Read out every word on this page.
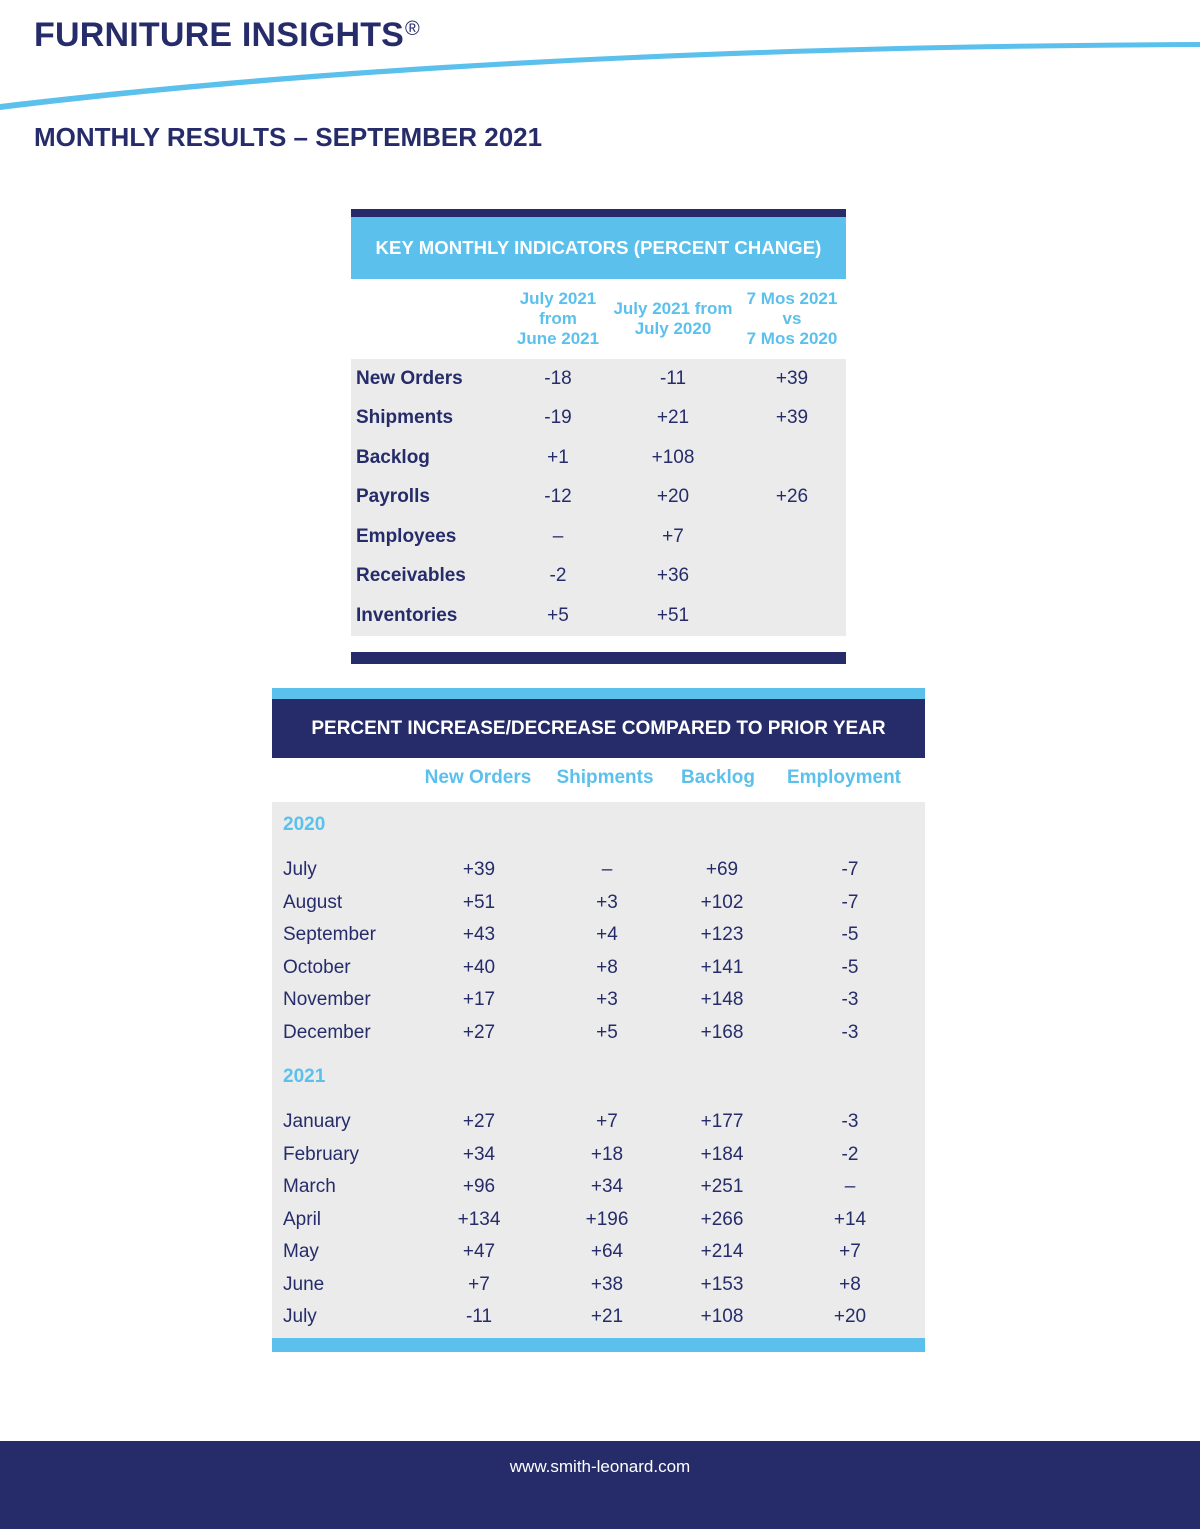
FURNITURE INSIGHTS®
MONTHLY RESULTS – SEPTEMBER 2021
KEY MONTHLY INDICATORS (PERCENT CHANGE)
July 2021
from
June 2021
July 2021 from
July 2020
7 Mos 2021
vs
7 Mos 2020
New Orders	-18	-11	+39
Shipments	-19	+21	+39
Backlog	+1	+108
Payrolls	-12	+20	+26
Employees	–	+7
Receivables	-2	+36
Inventories	+5	+51
PERCENT INCREASE/DECREASE COMPARED TO PRIOR YEAR
New Orders	Shipments	Backlog	Employment
2020
July	+39	–	+69	-7
August	+51	+3	+102	-7
September	+43	+4	+123	-5
October	+40	+8	+141	-5
November	+17	+3	+148	-3
December	+27	+5	+168	-3
2021
January	+27	+7	+177	-3
February	+34	+18	+184	-2
March	+96	+34	+251	–
April	+134	+196	+266	+14
May	+47	+64	+214	+7
June	+7	+38	+153	+8
July	-11	+21	+108	+20
www.smith-leonard.com
